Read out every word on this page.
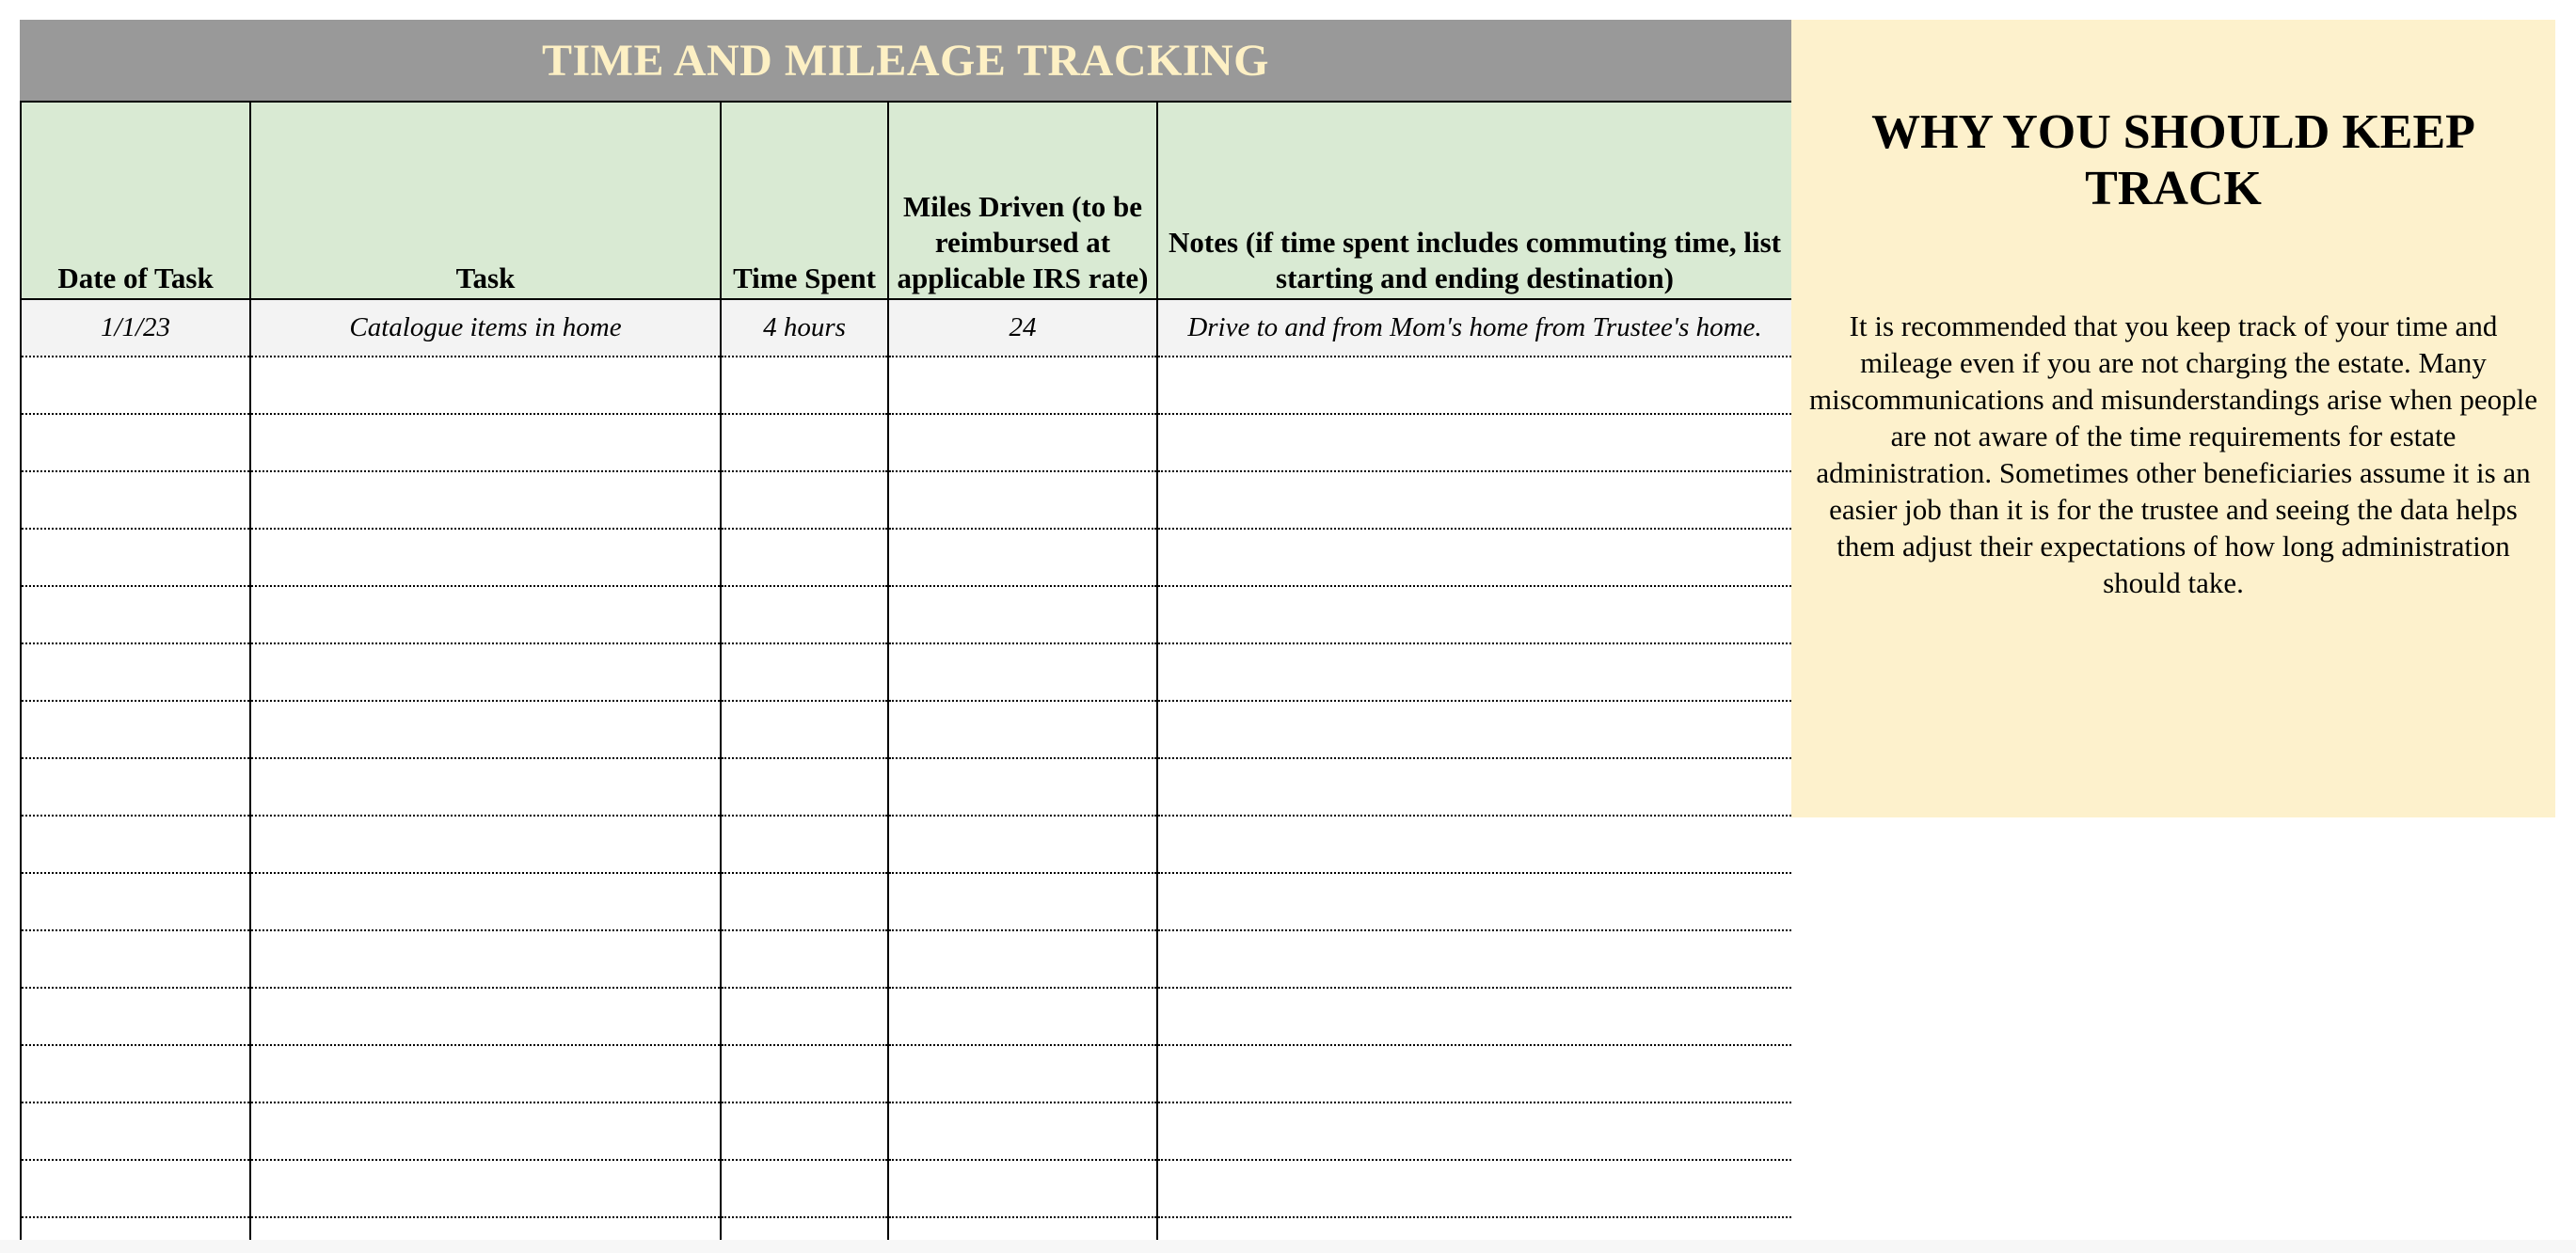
TIME AND MILEAGE TRACKING
Date of Task	Task	Time Spent	Miles Driven (to be reimbursed at applicable IRS rate)	Notes (if time spent includes commuting time, list starting and ending destination)
1/1/23	Catalogue items in home	4 hours	24	Drive to and from Mom's home from Trustee's home.

WHY YOU SHOULD KEEP TRACK

It is recommended that you keep track of your time and mileage even if you are not charging the estate. Many miscommunications and misunderstandings arise when people are not aware of the time requirements for estate administration. Sometimes other beneficiaries assume it is an easier job than it is for the trustee and seeing the data helps them adjust their expectations of how long administration should take.
